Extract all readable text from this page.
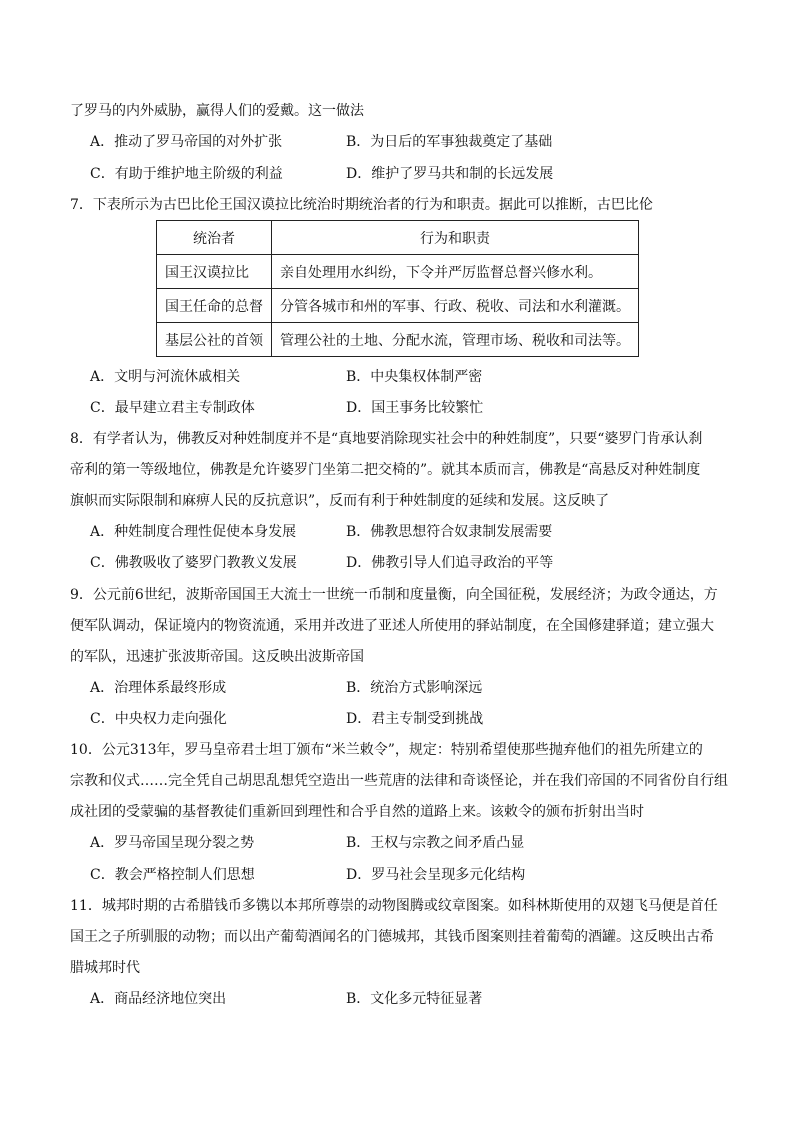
了罗马的内外威胁，赢得人们的爱戴。这一做法
A．推动了罗马帝国的对外扩张	B．为日后的军事独裁奠定了基础
C．有助于维护地主阶级的利益	D．维护了罗马共和制的长远发展
7．下表所示为古巴比伦王国汉谟拉比统治时期统治者的行为和职责。据此可以推断，古巴比伦
统治者	行为和职责
国王汉谟拉比	亲自处理用水纠纷，下令并严厉监督总督兴修水利。
国王任命的总督	分管各城市和州的军事、行政、税收、司法和水利灌溉。
基层公社的首领	管理公社的土地、分配水流，管理市场、税收和司法等。
A．文明与河流休戚相关	B．中央集权体制严密
C．最早建立君主专制政体	D．国王事务比较繁忙
8．有学者认为，佛教反对种姓制度并不是“真地要消除现实社会中的种姓制度”，只要“婆罗门肯承认刹
帝利的第一等级地位，佛教是允许婆罗门坐第二把交椅的”。就其本质而言，佛教是“高悬反对种姓制度
旗帜而实际限制和麻痹人民的反抗意识”，反而有利于种姓制度的延续和发展。这反映了
A．种姓制度合理性促使本身发展	B．佛教思想符合奴隶制发展需要
C．佛教吸收了婆罗门教教义发展	D．佛教引导人们追寻政治的平等
9．公元前6世纪，波斯帝国国王大流士一世统一币制和度量衡，向全国征税，发展经济；为政令通达，方
便军队调动，保证境内的物资流通，采用并改进了亚述人所使用的驿站制度，在全国修建驿道；建立强大
的军队，迅速扩张波斯帝国。这反映出波斯帝国
A．治理体系最终形成	B．统治方式影响深远
C．中央权力走向强化	D．君主专制受到挑战
10．公元313年，罗马皇帝君士坦丁颁布“米兰敕令”，规定：特别希望使那些抛弃他们的祖先所建立的
宗教和仪式……完全凭自己胡思乱想凭空造出一些荒唐的法律和奇谈怪论，并在我们帝国的不同省份自行组
成社团的受蒙骗的基督教徒们重新回到理性和合乎自然的道路上来。该敕令的颁布折射出当时
A．罗马帝国呈现分裂之势	B．王权与宗教之间矛盾凸显
C．教会严格控制人们思想	D．罗马社会呈现多元化结构
11．城邦时期的古希腊钱币多镌以本邦所尊崇的动物图腾或纹章图案。如科林斯使用的双翅飞马便是首任
国王之子所驯服的动物；而以出产葡萄酒闻名的门德城邦，其钱币图案则挂着葡萄的酒罐。这反映出古希
腊城邦时代
A．商品经济地位突出	B．文化多元特征显著
